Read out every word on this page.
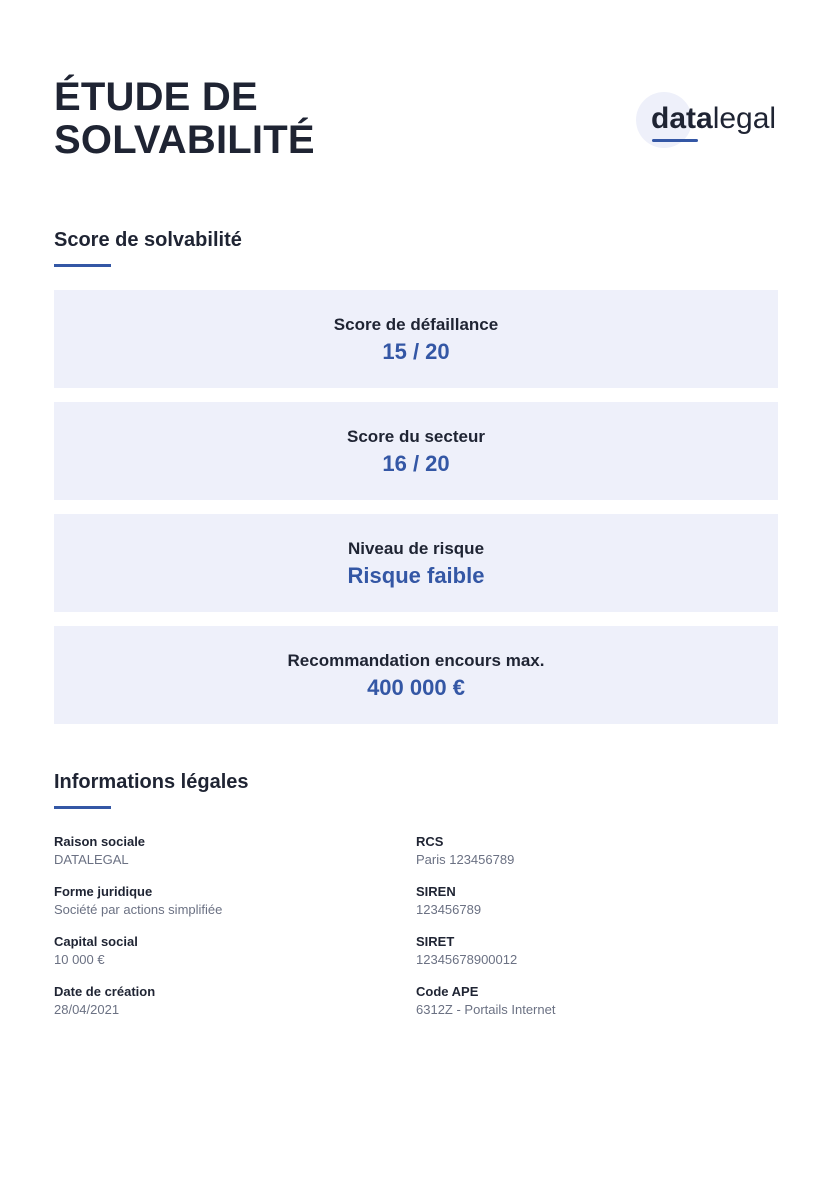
ÉTUDE DE
SOLVABILITÉ	datalegal
Score de solvabilité
Score de défaillance
15 / 20
Score du secteur
16 / 20
Niveau de risque
Risque faible
Recommandation encours max.
400 000 €
Informations légales
Raison sociale
DATALEGAL
Forme juridique
Société par actions simplifiée
Capital social
10 000 €
Date de création
28/04/2021
RCS
Paris 123456789
SIREN
123456789
SIRET
12345678900012
Code APE
6312Z - Portails Internet
